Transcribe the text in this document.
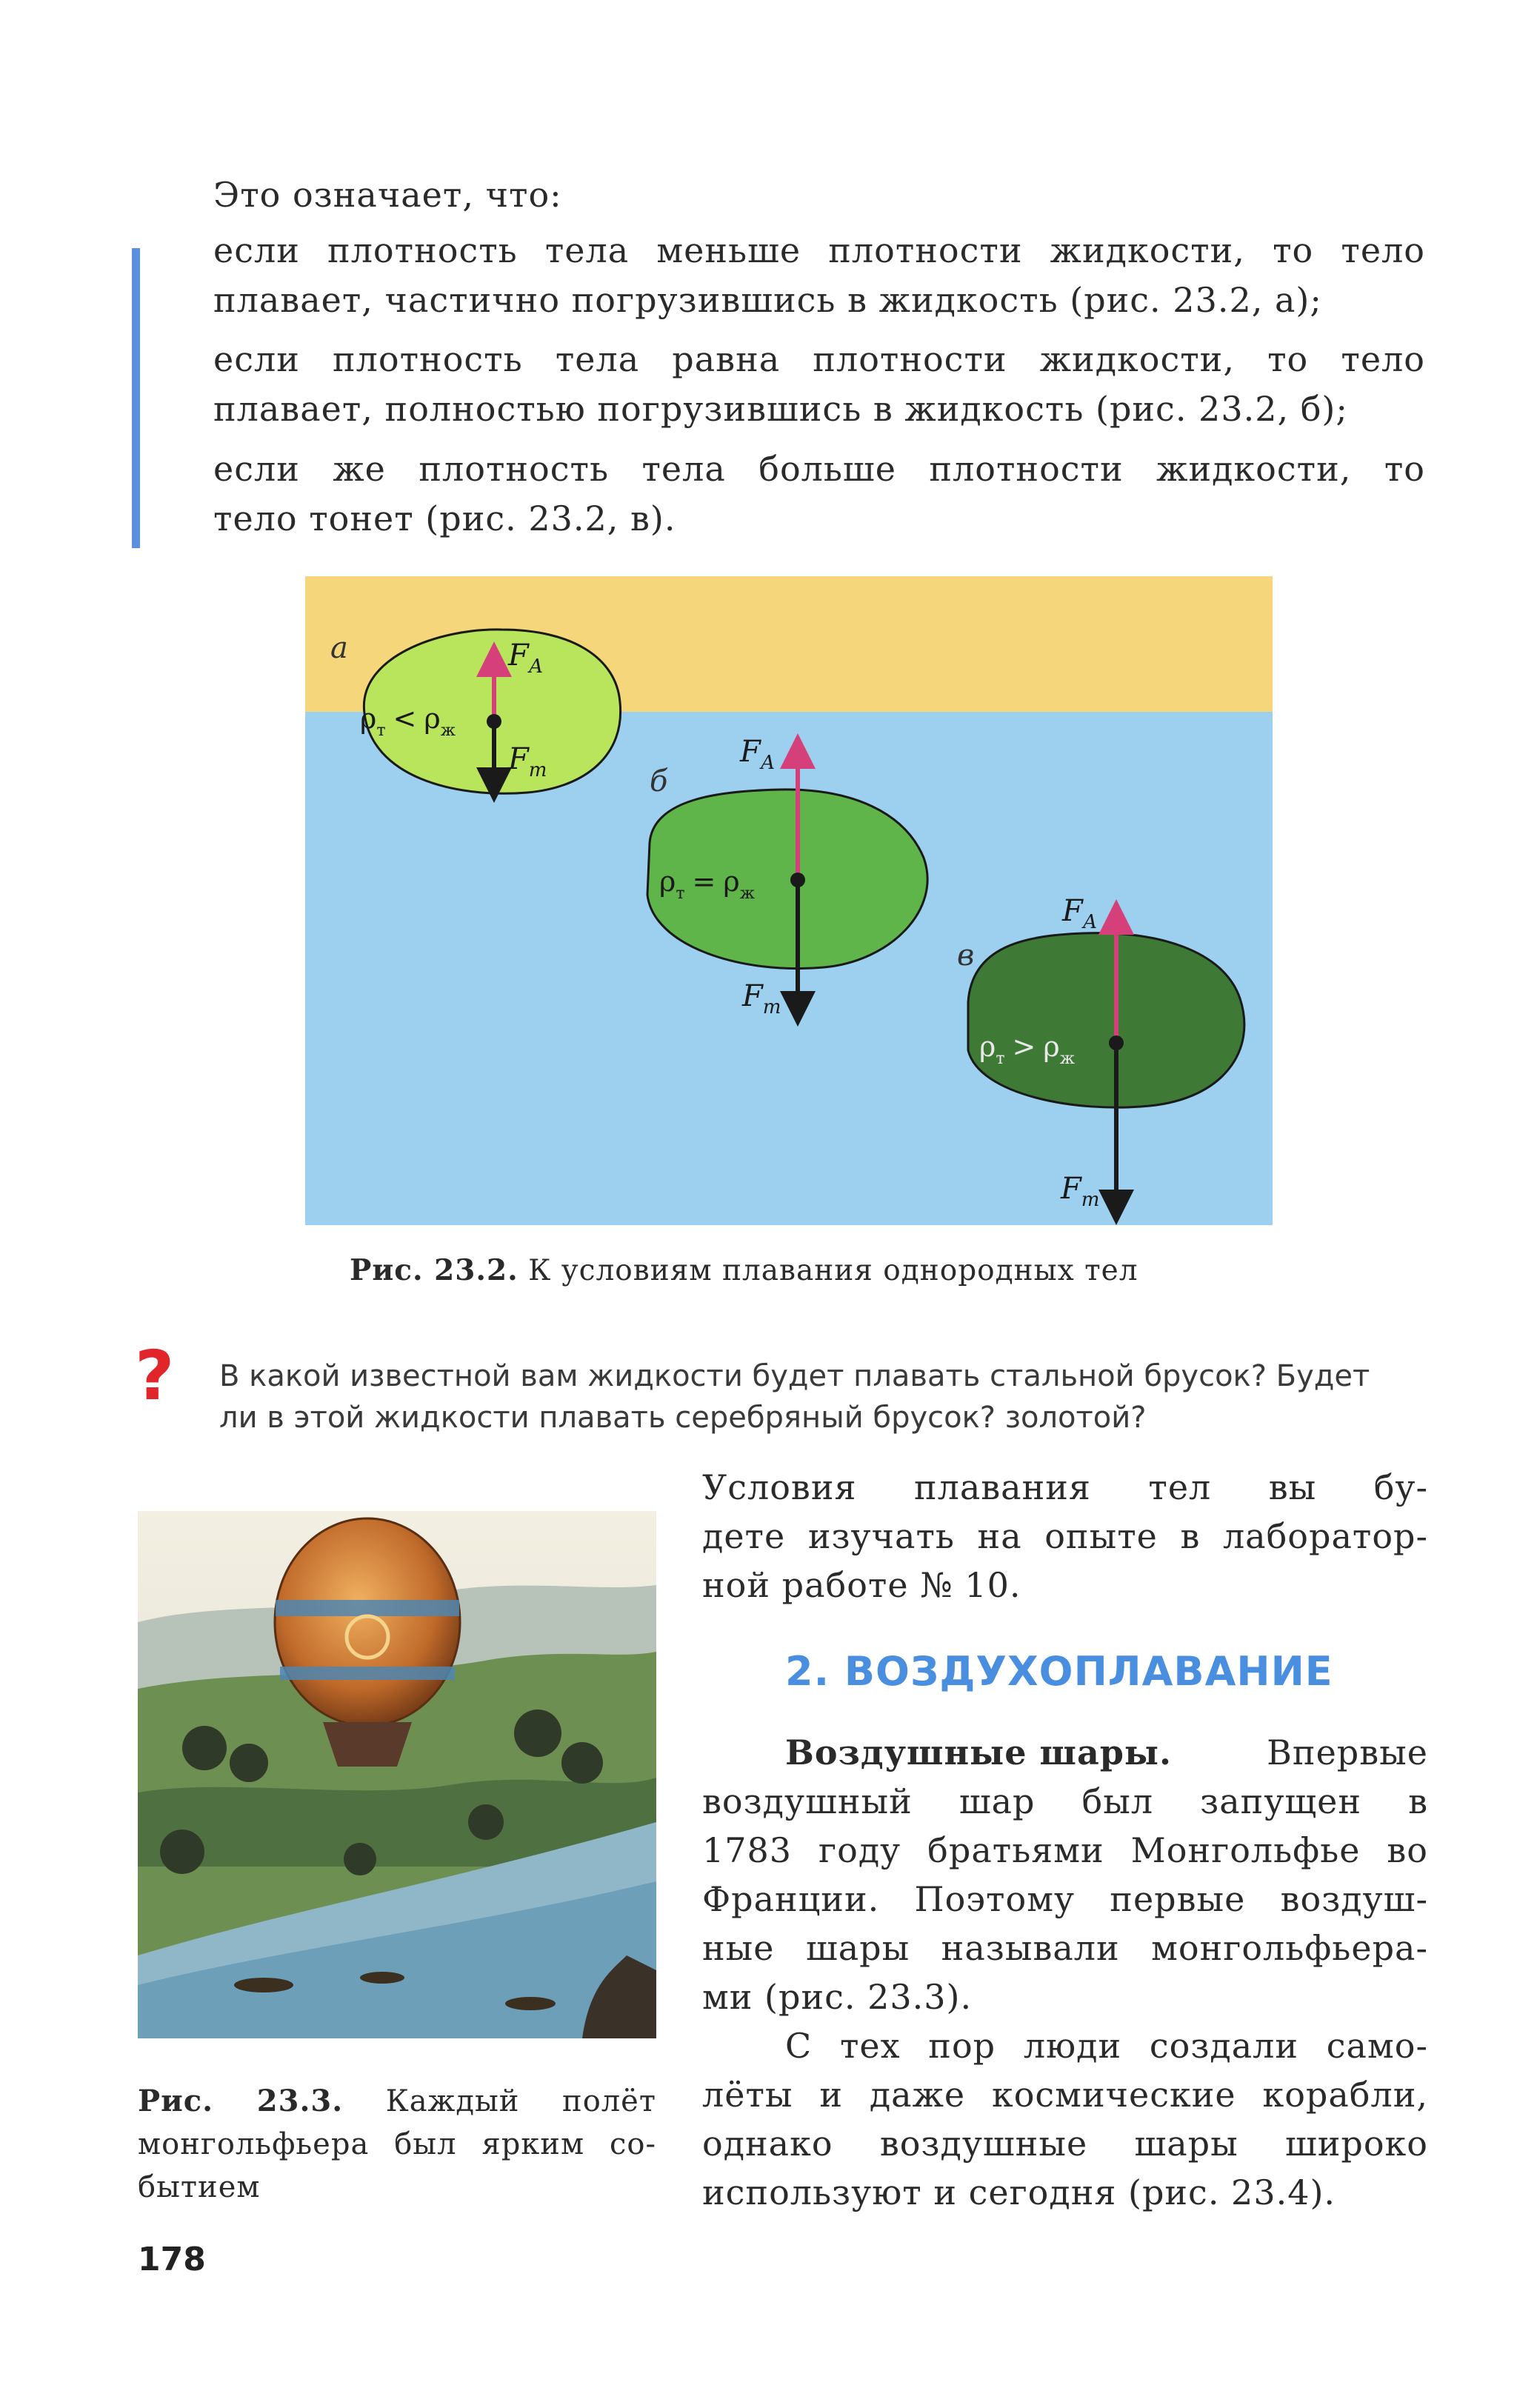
Это означает, что:
если плотность тела меньше плотности жидкости, то тело
плавает, частично погрузившись в жидкость (рис. 23.2, а);
если плотность тела равна плотности жидкости, то тело
плавает, полностью погрузившись в жидкость (рис. 23.2, б);
если же плотность тела больше плотности жидкости, то
тело тонет (рис. 23.2, в).
а	$F_А$
$F_т$
$\rho_т < \rho_ж$
б
$F_А$
$F_т$
$\rho_т = \rho_ж$
в
$F_А$
$F_т$
$\rho_т > \rho_ж$
Рис. 23.2. К условиям плавания однородных тел
? В какой известной вам жидкости будет плавать стальной брусок? Будет
ли в этой жидкости плавать серебряный брусок? золотой?
Условия плавания тел вы бу-
дете изучать на опыте в лаборатор-
ной работе № 10.
2. ВОЗДУХОПЛАВАНИЕ
Воздушные шары.	Впервые
воздушный шар был запущен в
1783 году братьями Монгольфье во
Франции. Поэтому первые воздуш-
ные шары называли монгольфьера-
ми (рис. 23.3).
С тех пор люди создали само-
лёты и даже космические корабли,
однако воздушные шары широко
используют и сегодня (рис. 23.4).
Рис. 23.3. Каждый полёт
монгольфьера был ярким со-
бытием
178
